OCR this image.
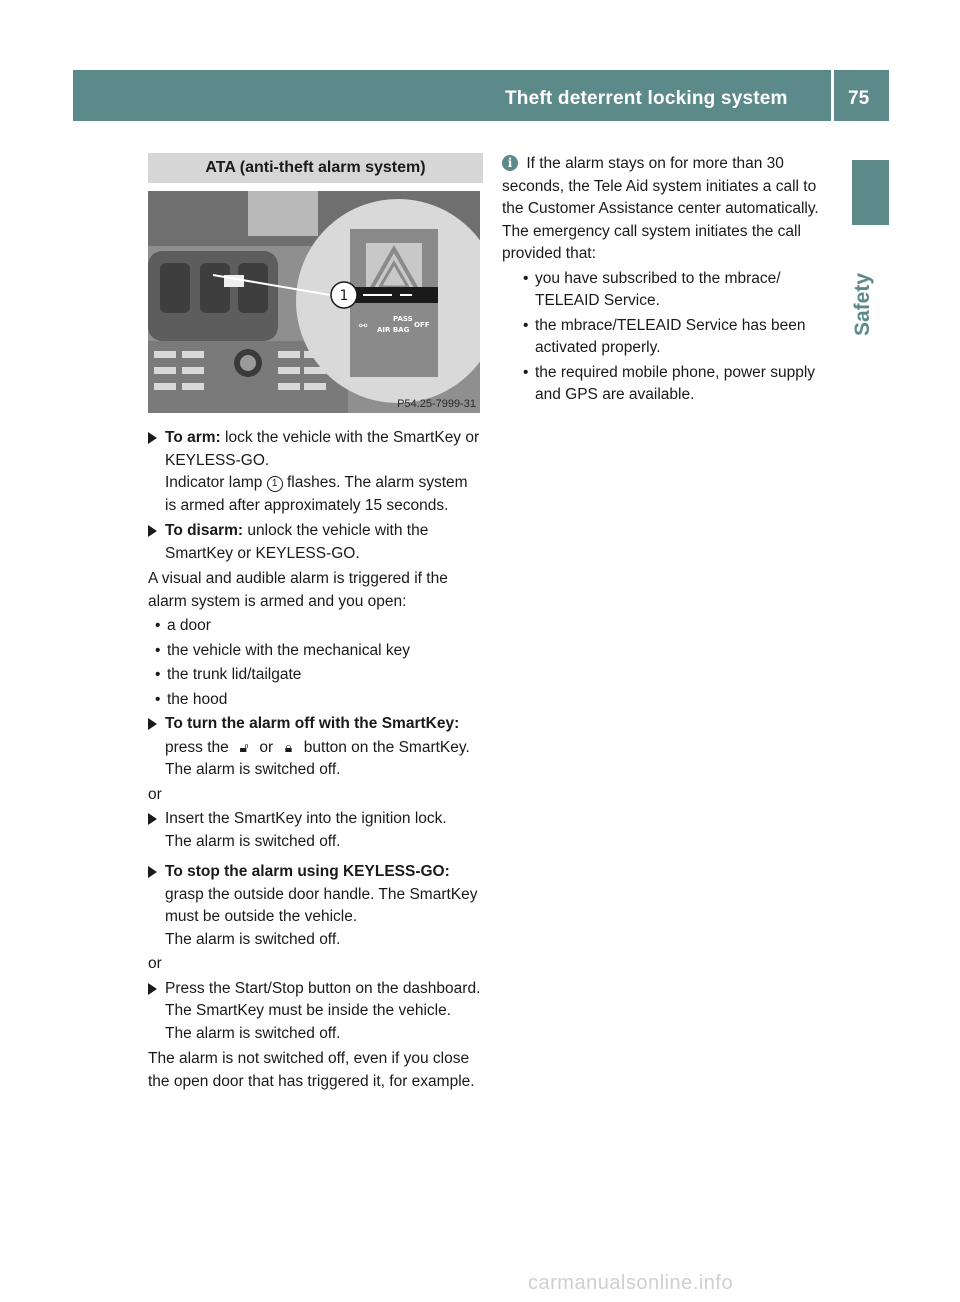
Theft deterrent locking system	75
Safety
ATA (anti-theft alarm system)
1
PASS
AIR BAG
OFF
⚯
P54.25-7999-31
To arm: lock the vehicle with the SmartKey or KEYLESS-GO.
Indicator lamp 1 flashes. The alarm system is armed after approximately 15 seconds.
To disarm: unlock the vehicle with the SmartKey or KEYLESS-GO.
A visual and audible alarm is triggered if the alarm system is armed and you open:
• a door
• the vehicle with the mechanical key
• the trunk lid/tailgate
• the hood
To turn the alarm off with the SmartKey: press the 🔓︎ or 🔒︎ button on the SmartKey.
The alarm is switched off.
or
Insert the SmartKey into the ignition lock.
The alarm is switched off.
To stop the alarm using KEYLESS-GO: grasp the outside door handle. The SmartKey must be outside the vehicle.
The alarm is switched off.
or
Press the Start/Stop button on the dashboard. The SmartKey must be inside the vehicle.
The alarm is switched off.
The alarm is not switched off, even if you close the open door that has triggered it, for example.
i If the alarm stays on for more than 30 seconds, the Tele Aid system initiates a call to the Customer Assistance center automatically. The emergency call system initiates the call provided that:
• you have subscribed to the mbrace/ TELEAID Service.
• the mbrace/TELEAID Service has been activated properly.
• the required mobile phone, power supply and GPS are available.
carmanualsonline.info
